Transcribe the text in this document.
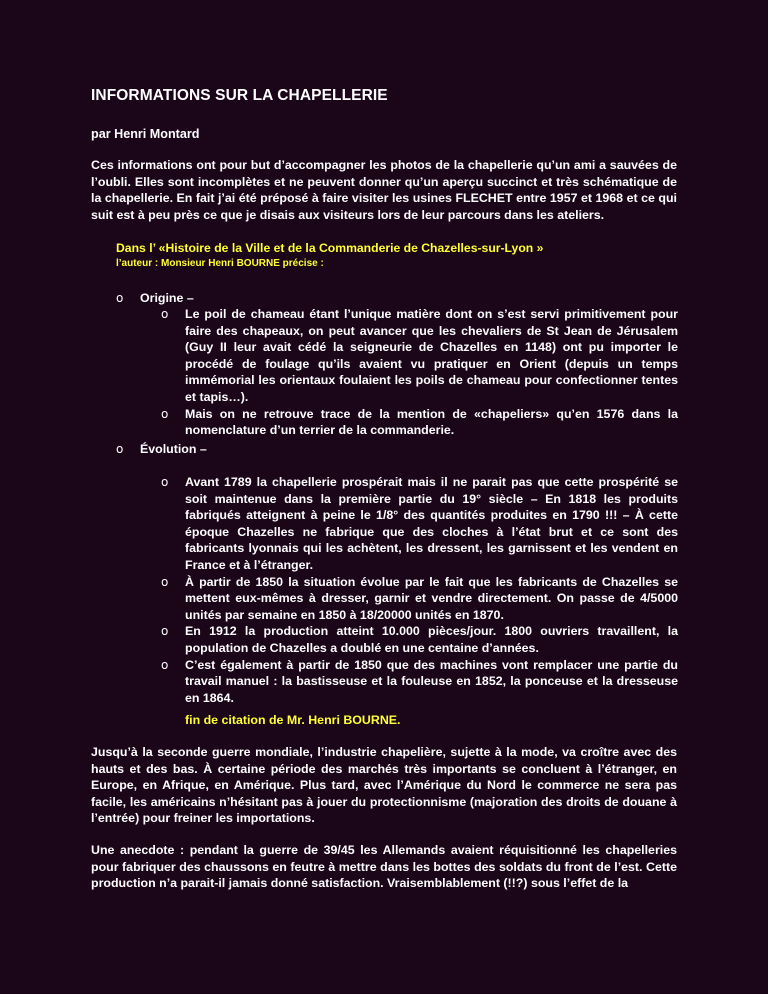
INFORMATIONS SUR LA CHAPELLERIE
par Henri Montard
Ces informations ont pour but d’accompagner les photos de la chapellerie qu’un ami a sauvées de l’oubli. Elles sont incomplètes et ne peuvent donner qu’un aperçu succinct et très schématique de la chapellerie. En fait j’ai été préposé à faire visiter les usines FLECHET entre 1957 et 1968 et ce qui suit est à peu près ce que je disais aux visiteurs lors de leur parcours dans les ateliers.
Dans l’ «Histoire de la Ville et de la Commanderie de Chazelles-sur-Lyon »
l’auteur : Monsieur Henri BOURNE précise :
o	Origine –
o	Le poil de chameau étant l’unique matière dont on s’est servi primitivement pour faire des chapeaux, on peut avancer que les chevaliers de St Jean de Jérusalem (Guy II leur avait cédé la seigneurie de Chazelles en 1148) ont pu importer le procédé de foulage qu’ils avaient vu pratiquer en Orient (depuis un temps immémorial les orientaux foulaient les poils de chameau pour confectionner tentes et tapis…).
o	Mais on ne retrouve trace de la mention de «chapeliers» qu’en 1576 dans la nomenclature d’un terrier de la commanderie.
o	Évolution –
o	Avant 1789 la chapellerie prospérait mais il ne parait pas que cette prospérité se soit maintenue dans la première partie du 19° siècle – En 1818 les produits fabriqués atteignent à peine le 1/8° des quantités produites en 1790 !!! – À cette époque Chazelles ne fabrique que des cloches à l’état brut et ce sont des fabricants lyonnais qui les achètent, les dressent, les garnissent et les vendent en France et à l’étranger.
o	À partir de 1850 la situation évolue par le fait que les fabricants de Chazelles se mettent eux-mêmes à dresser, garnir et vendre directement. On passe de 4/5000 unités par semaine en 1850 à 18/20000 unités en 1870.
o	En 1912 la production atteint 10.000 pièces/jour. 1800 ouvriers travaillent, la population de Chazelles a doublé en une centaine d’années.
o	C’est également à partir de 1850 que des machines vont remplacer une partie du travail manuel : la bastisseuse et la fouleuse en 1852, la ponceuse et la dresseuse en 1864.
fin de citation de Mr. Henri BOURNE.
Jusqu’à la seconde guerre mondiale, l’industrie chapelière, sujette à la mode, va croître avec des hauts et des bas. À certaine période des marchés très importants se concluent à l’étranger, en Europe, en Afrique, en Amérique. Plus tard, avec l’Amérique du Nord le commerce ne sera pas facile, les américains n’hésitant pas à jouer du protectionnisme (majoration des droits de douane à l’entrée) pour freiner les importations.
Une anecdote : pendant la guerre de 39/45 les Allemands avaient réquisitionné les chapelleries pour fabriquer des chaussons en feutre à mettre dans les bottes des soldats du front de l’est. Cette production n’a parait-il jamais donné satisfaction. Vraisemblablement (!!?) sous l’effet de la
